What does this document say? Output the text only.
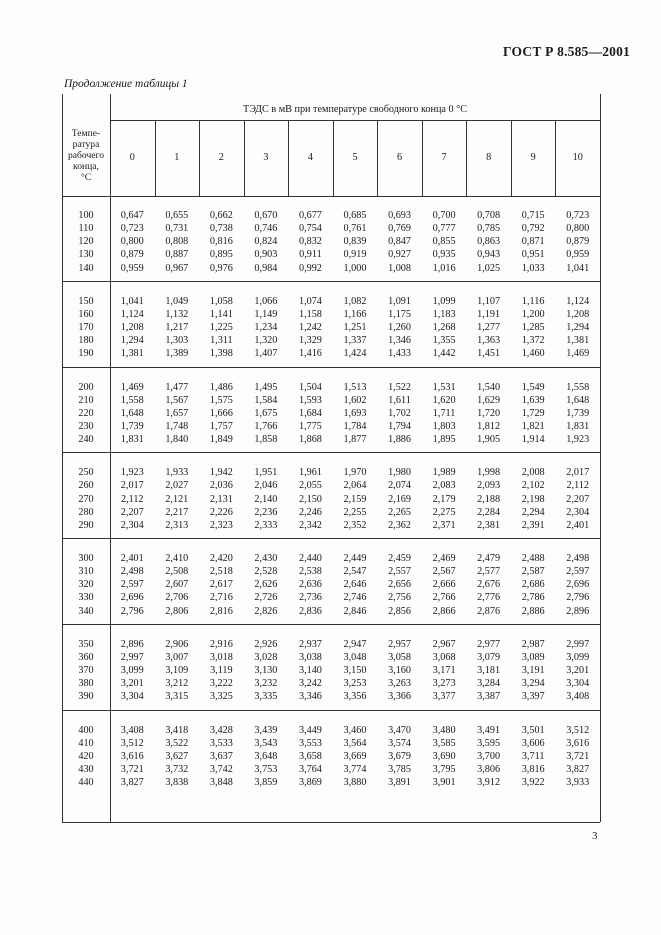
ГОСТ Р 8.585—2001
Продолжение таблицы 1
ТЭДС в мВ при температуре свободного конца 0 °С
Темпе-
ратура
рабочего
конца,
°С
0	1	2	3	4	5	6	7	8	9	10
100	0,647	0,655	0,662	0,670	0,677	0,685	0,693	0,700	0,708	0,715	0,723
110	0,723	0,731	0,738	0,746	0,754	0,761	0,769	0,777	0,785	0,792	0,800
120	0,800	0,808	0,816	0,824	0,832	0,839	0,847	0,855	0,863	0,871	0,879
130	0,879	0,887	0,895	0,903	0,911	0,919	0,927	0,935	0,943	0,951	0,959
140	0,959	0,967	0,976	0,984	0,992	1,000	1,008	1,016	1,025	1,033	1,041
150	1,041	1,049	1,058	1,066	1,074	1,082	1,091	1,099	1,107	1,116	1,124
160	1,124	1,132	1,141	1,149	1,158	1,166	1,175	1,183	1,191	1,200	1,208
170	1,208	1,217	1,225	1,234	1,242	1,251	1,260	1,268	1,277	1,285	1,294
180	1,294	1,303	1,311	1,320	1,329	1,337	1,346	1,355	1,363	1,372	1,381
190	1,381	1,389	1,398	1,407	1,416	1,424	1,433	1,442	1,451	1,460	1,469
200	1,469	1,477	1,486	1,495	1,504	1,513	1,522	1,531	1,540	1,549	1,558
210	1,558	1,567	1,575	1,584	1,593	1,602	1,611	1,620	1,629	1,639	1,648
220	1,648	1,657	1,666	1,675	1,684	1,693	1,702	1,711	1,720	1,729	1,739
230	1,739	1,748	1,757	1,766	1,775	1,784	1,794	1,803	1,812	1,821	1,831
240	1,831	1,840	1,849	1,858	1,868	1,877	1,886	1,895	1,905	1,914	1,923
250	1,923	1,933	1,942	1,951	1,961	1,970	1,980	1,989	1,998	2,008	2,017
260	2,017	2,027	2,036	2,046	2,055	2,064	2,074	2,083	2,093	2,102	2,112
270	2,112	2,121	2,131	2,140	2,150	2,159	2,169	2,179	2,188	2,198	2,207
280	2,207	2,217	2,226	2,236	2,246	2,255	2,265	2,275	2,284	2,294	2,304
290	2,304	2,313	2,323	2,333	2,342	2,352	2,362	2,371	2,381	2,391	2,401
300	2,401	2,410	2,420	2,430	2,440	2,449	2,459	2,469	2,479	2,488	2,498
310	2,498	2,508	2,518	2,528	2,538	2,547	2,557	2,567	2,577	2,587	2,597
320	2,597	2,607	2,617	2,626	2,636	2,646	2,656	2,666	2,676	2,686	2,696
330	2,696	2,706	2,716	2,726	2,736	2,746	2,756	2,766	2,776	2,786	2,796
340	2,796	2,806	2,816	2,826	2,836	2,846	2,856	2,866	2,876	2,886	2,896
350	2,896	2,906	2,916	2,926	2,937	2,947	2,957	2,967	2,977	2,987	2,997
360	2,997	3,007	3,018	3,028	3,038	3,048	3,058	3,068	3,079	3,089	3,099
370	3,099	3,109	3,119	3,130	3,140	3,150	3,160	3,171	3,181	3,191	3,201
380	3,201	3,212	3,222	3,232	3,242	3,253	3,263	3,273	3,284	3,294	3,304
390	3,304	3,315	3,325	3,335	3,346	3,356	3,366	3,377	3,387	3,397	3,408
400	3,408	3,418	3,428	3,439	3,449	3,460	3,470	3,480	3,491	3,501	3,512
410	3,512	3,522	3,533	3,543	3,553	3,564	3,574	3,585	3,595	3,606	3,616
420	3,616	3,627	3,637	3,648	3,658	3,669	3,679	3,690	3,700	3,711	3,721
430	3,721	3,732	3,742	3,753	3,764	3,774	3,785	3,795	3,806	3,816	3,827
440	3,827	3,838	3,848	3,859	3,869	3,880	3,891	3,901	3,912	3,922	3,933
3
